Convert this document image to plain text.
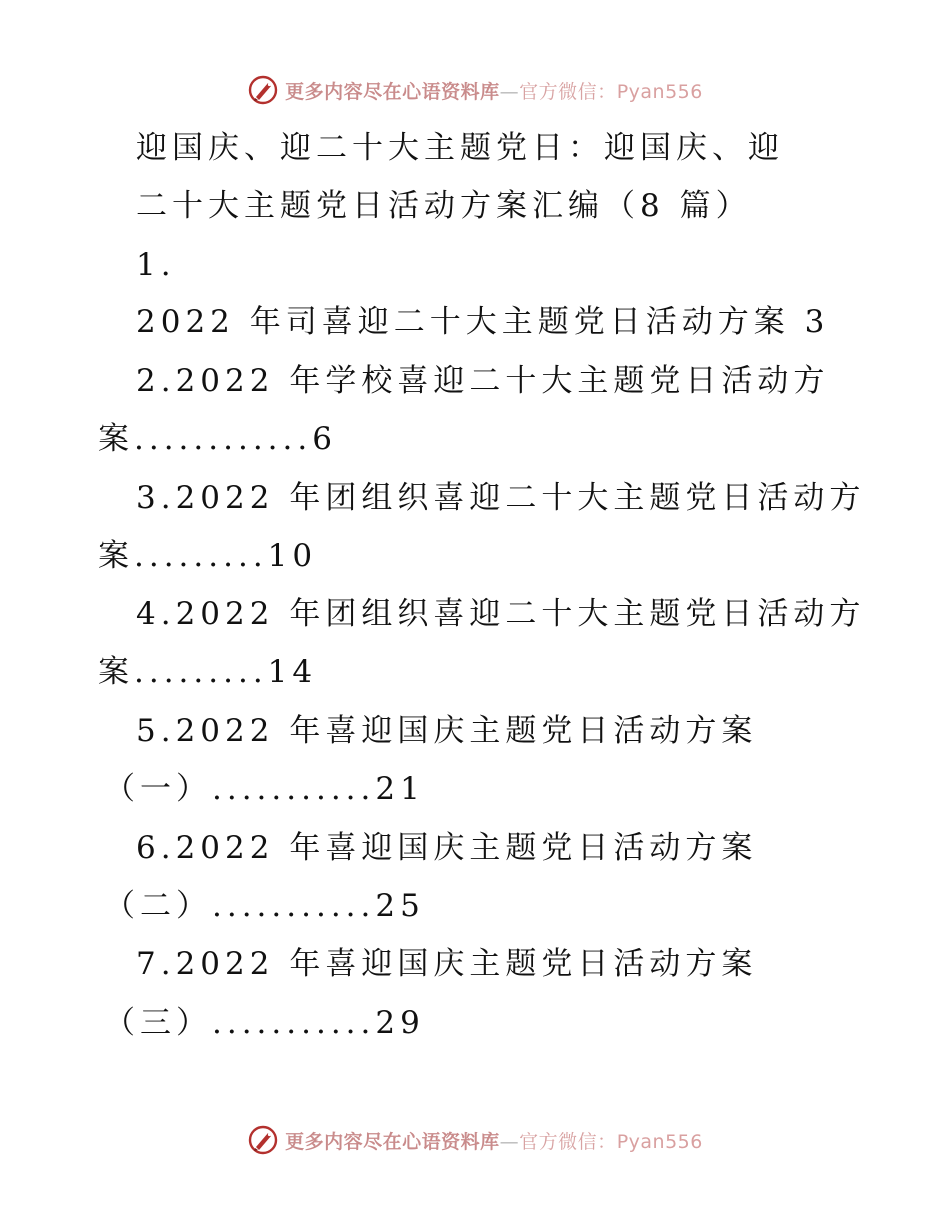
更多内容尽在心语资料库—官方微信：Pyan556
迎国庆、迎二十大主题党日：迎国庆、迎
二十大主题党日活动方案汇编（8 篇）
1.
2022 年司喜迎二十大主题党日活动方案 3
2.2022 年学校喜迎二十大主题党日活动方
案............6
3.2022 年团组织喜迎二十大主题党日活动方
案.........10
4.2022 年团组织喜迎二十大主题党日活动方
案.........14
5.2022 年喜迎国庆主题党日活动方案
（一）...........21
6.2022 年喜迎国庆主题党日活动方案
（二）...........25
7.2022 年喜迎国庆主题党日活动方案
（三）...........29
更多内容尽在心语资料库—官方微信：Pyan556
